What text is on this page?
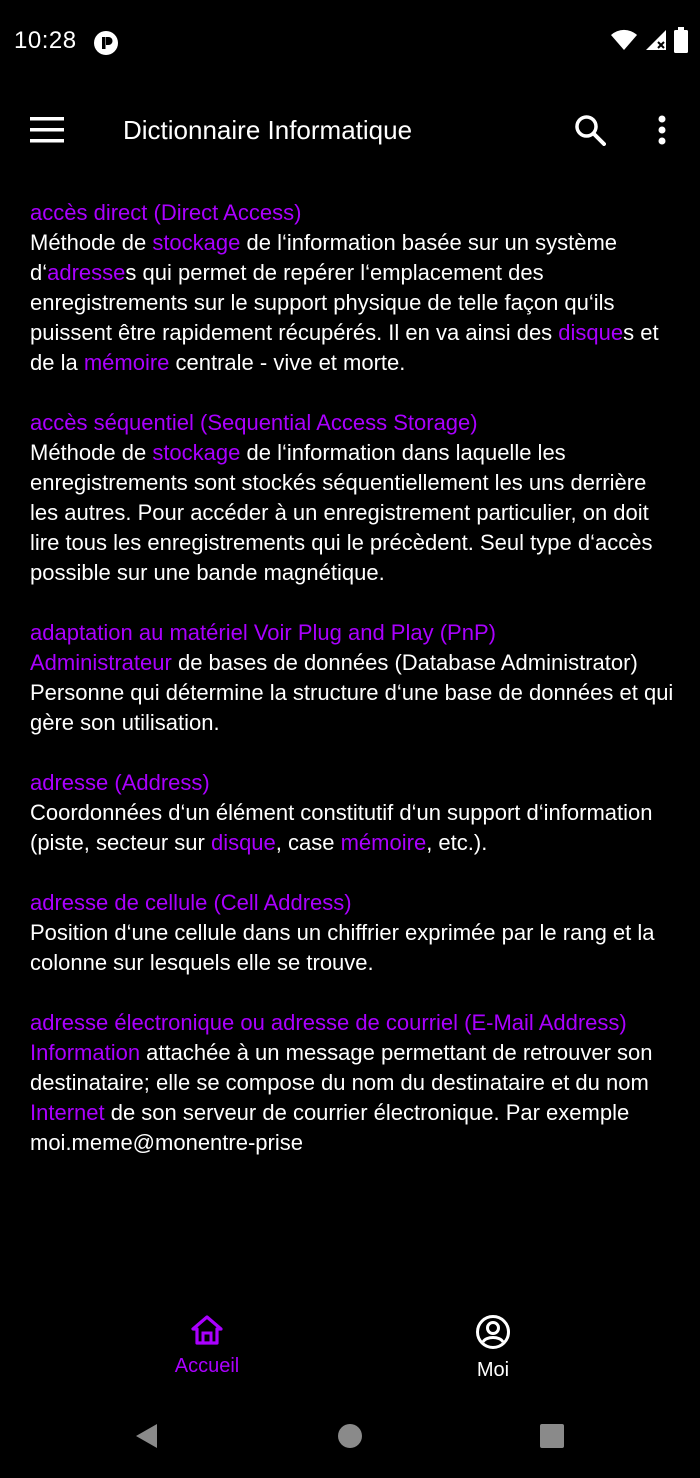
10:28
Dictionnaire Informatique

accès direct (Direct Access)

Méthode de stockage de l‘information basée sur un système d‘adresses qui permet de repérer l‘emplacement des enregistrements sur le support physique de telle façon qu‘ils puissent être rapidement récupérés. Il en va ainsi des disques et de la mémoire centrale - vive et morte.

accès séquentiel (Sequential Access Storage)

Méthode de stockage de l‘information dans laquelle les enregistrements sont stockés séquentiellement les uns derrière les autres. Pour accéder à un enregistrement particulier, on doit lire tous les enregistrements qui le précèdent. Seul type d‘accès possible sur une bande magnétique.

adaptation au matériel Voir Plug and Play (PnP)

Administrateur de bases de données (Database Administrator) Personne qui détermine la structure d‘une base de données et qui gère son utilisation.

adresse (Address)

Coordonnées d‘un élément constitutif d‘un support d‘information (piste, secteur sur disque, case mémoire, etc.).

adresse de cellule (Cell Address)

Position d‘une cellule dans un chiffrier exprimée par le rang et la colonne sur lesquels elle se trouve.

adresse électronique ou adresse de courriel (E-Mail Address)

Information attachée à un message permettant de retrouver son destinataire; elle se compose du nom du destinataire et du nom Internet de son serveur de courrier électronique. Par exemple moi.meme@monentre-prise

Accueil	Moi
